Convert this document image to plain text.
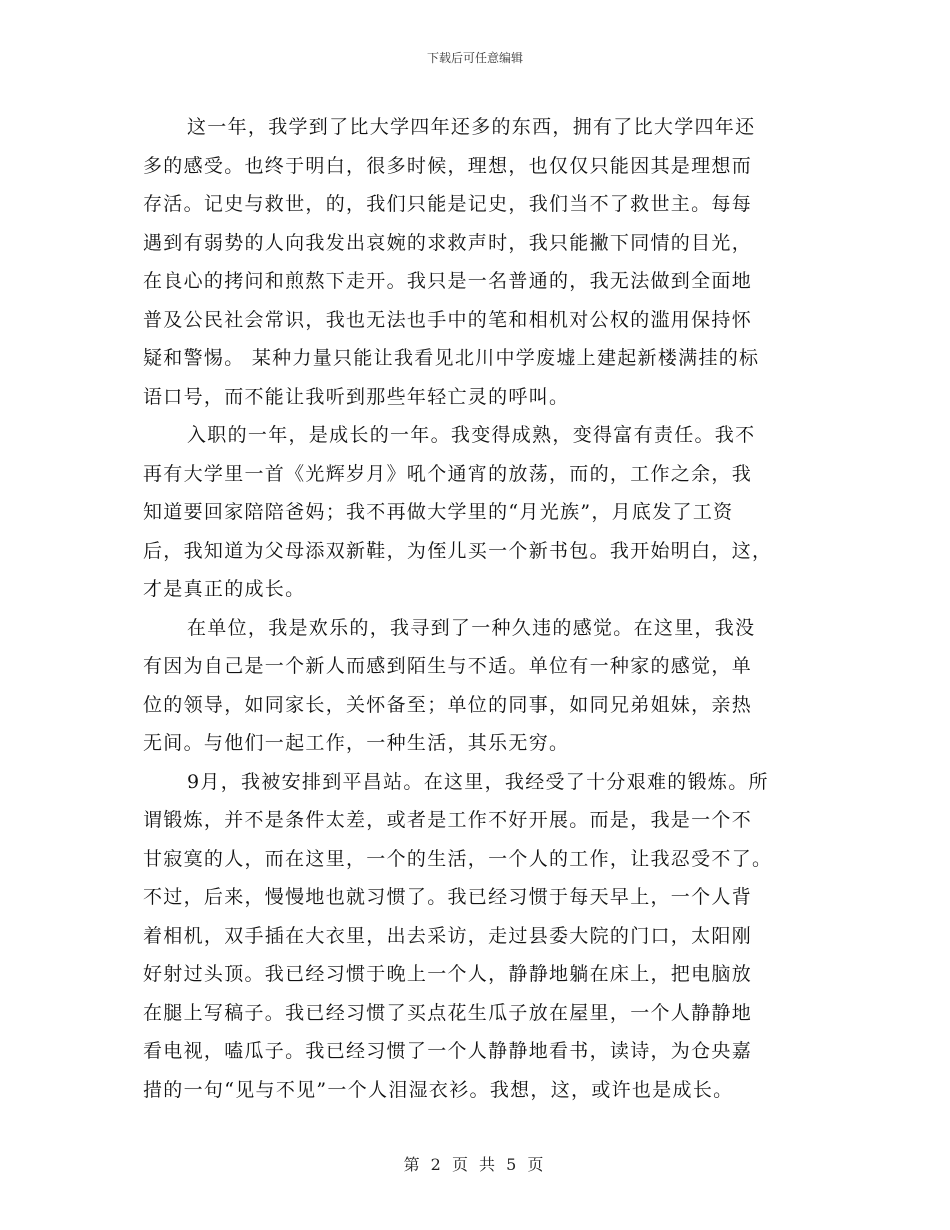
下载后可任意编辑

这一年，我学到了比大学四年还多的东西，拥有了比大学四年还

多的感受。也终于明白，很多时候，理想，也仅仅只能因其是理想而

存活。记史与救世，的，我们只能是记史，我们当不了救世主。每每

遇到有弱势的人向我发出哀婉的求救声时，我只能撇下同情的目光，

在良心的拷问和煎熬下走开。我只是一名普通的，我无法做到全面地

普及公民社会常识，我也无法也手中的笔和相机对公权的滥用保持怀

疑和警惕。 某种力量只能让我看见北川中学废墟上建起新楼满挂的标

语口号，而不能让我听到那些年轻亡灵的呼叫。

入职的一年，是成长的一年。我变得成熟，变得富有责任。我不

再有大学里一首《光辉岁月》吼个通宵的放荡，而的，工作之余，我

知道要回家陪陪爸妈；我不再做大学里的“月光族”，月底发了工资

后，我知道为父母添双新鞋，为侄儿买一个新书包。我开始明白，这，

才是真正的成长。

在单位，我是欢乐的，我寻到了一种久违的感觉。在这里，我没

有因为自己是一个新人而感到陌生与不适。单位有一种家的感觉，单

位的领导，如同家长，关怀备至；单位的同事，如同兄弟姐妹，亲热

无间。与他们一起工作，一种生活，其乐无穷。

9月，我被安排到平昌站。在这里，我经受了十分艰难的锻炼。所

谓锻炼，并不是条件太差，或者是工作不好开展。而是，我是一个不

甘寂寞的人，而在这里，一个的生活，一个人的工作，让我忍受不了。

不过，后来，慢慢地也就习惯了。我已经习惯于每天早上，一个人背

着相机，双手插在大衣里，出去采访，走过县委大院的门口，太阳刚

好射过头顶。我已经习惯于晚上一个人，静静地躺在床上，把电脑放

在腿上写稿子。我已经习惯了买点花生瓜子放在屋里，一个人静静地

看电视，嗑瓜子。我已经习惯了一个人静静地看书，读诗，为仓央嘉

措的一句“见与不见”一个人泪湿衣衫。我想，这，或许也是成长。

第 2 页 共 5 页
